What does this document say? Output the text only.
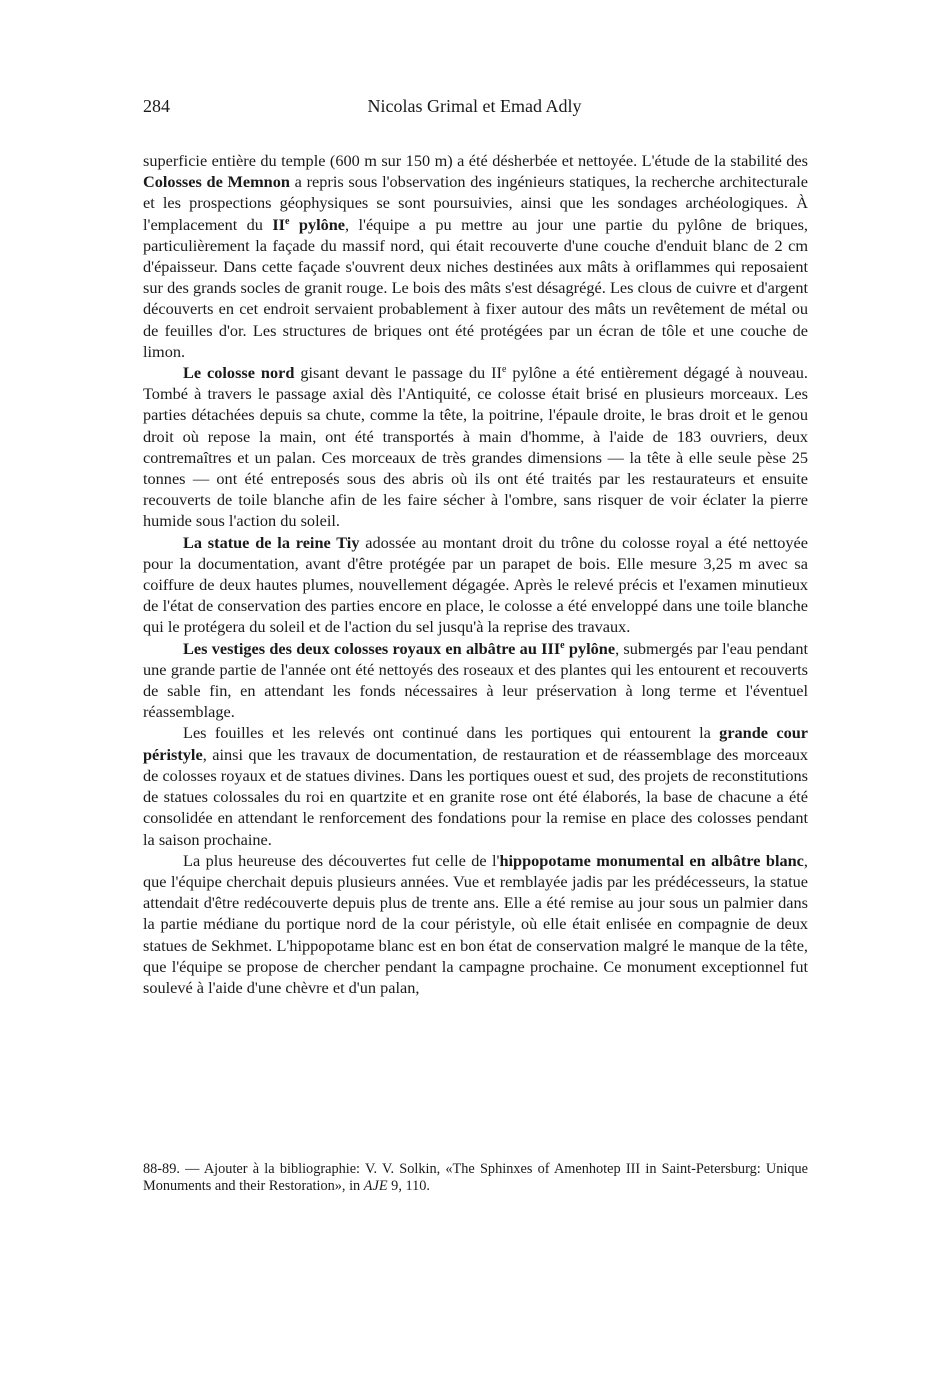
284	Nicolas Grimal et Emad Adly

superficie entière du temple (600 m sur 150 m) a été désherbée et nettoyée. L'étude de la stabilité des Colosses de Memnon a repris sous l'observation des ingénieurs statiques, la recherche architecturale et les prospections géophysiques se sont poursuivies, ainsi que les sondages archéologiques. À l'emplacement du IIe pylône, l'équipe a pu mettre au jour une partie du pylône de briques, particulièrement la façade du massif nord, qui était recouverte d'une couche d'enduit blanc de 2 cm d'épaisseur. Dans cette façade s'ouvrent deux niches destinées aux mâts à oriflammes qui reposaient sur des grands socles de granit rouge. Le bois des mâts s'est désagrégé. Les clous de cuivre et d'argent découverts en cet endroit servaient probablement à fixer autour des mâts un revêtement de métal ou de feuilles d'or. Les structures de briques ont été protégées par un écran de tôle et une couche de limon.

Le colosse nord gisant devant le passage du IIe pylône a été entièrement dégagé à nouveau. Tombé à travers le passage axial dès l'Antiquité, ce colosse était brisé en plusieurs morceaux. Les parties détachées depuis sa chute, comme la tête, la poitrine, l'épaule droite, le bras droit et le genou droit où repose la main, ont été transportés à main d'homme, à l'aide de 183 ouvriers, deux contremaîtres et un palan. Ces morceaux de très grandes dimensions — la tête à elle seule pèse 25 tonnes — ont été entreposés sous des abris où ils ont été traités par les restaurateurs et ensuite recouverts de toile blanche afin de les faire sécher à l'ombre, sans risquer de voir éclater la pierre humide sous l'action du soleil.

La statue de la reine Tiy adossée au montant droit du trône du colosse royal a été nettoyée pour la documentation, avant d'être protégée par un parapet de bois. Elle mesure 3,25 m avec sa coiffure de deux hautes plumes, nouvellement dégagée. Après le relevé précis et l'examen minutieux de l'état de conservation des parties encore en place, le colosse a été enveloppé dans une toile blanche qui le protégera du soleil et de l'action du sel jusqu'à la reprise des travaux.

Les vestiges des deux colosses royaux en albâtre au IIIe pylône, submergés par l'eau pendant une grande partie de l'année ont été nettoyés des roseaux et des plantes qui les entourent et recouverts de sable fin, en attendant les fonds nécessaires à leur préservation à long terme et l'éventuel réassemblage.

Les fouilles et les relevés ont continué dans les portiques qui entourent la grande cour péristyle, ainsi que les travaux de documentation, de restauration et de réassemblage des morceaux de colosses royaux et de statues divines. Dans les portiques ouest et sud, des projets de reconstitutions de statues colossales du roi en quartzite et en granite rose ont été élaborés, la base de chacune a été consolidée en attendant le renforcement des fondations pour la remise en place des colosses pendant la saison prochaine.

La plus heureuse des découvertes fut celle de l'hippopotame monumental en albâtre blanc, que l'équipe cherchait depuis plusieurs années. Vue et remblayée jadis par les prédécesseurs, la statue attendait d'être redécouverte depuis plus de trente ans. Elle a été remise au jour sous un palmier dans la partie médiane du portique nord de la cour péristyle, où elle était enlisée en compagnie de deux statues de Sekhmet. L'hippopotame blanc est en bon état de conservation malgré le manque de la tête, que l'équipe se propose de chercher pendant la campagne prochaine. Ce monument exceptionnel fut soulevé à l'aide d'une chèvre et d'un palan,

88-89. — Ajouter à la bibliographie: V. V. Solkin, «The Sphinxes of Amenhotep III in Saint-Petersburg: Unique Monuments and their Restoration», in AJE 9, 110.
